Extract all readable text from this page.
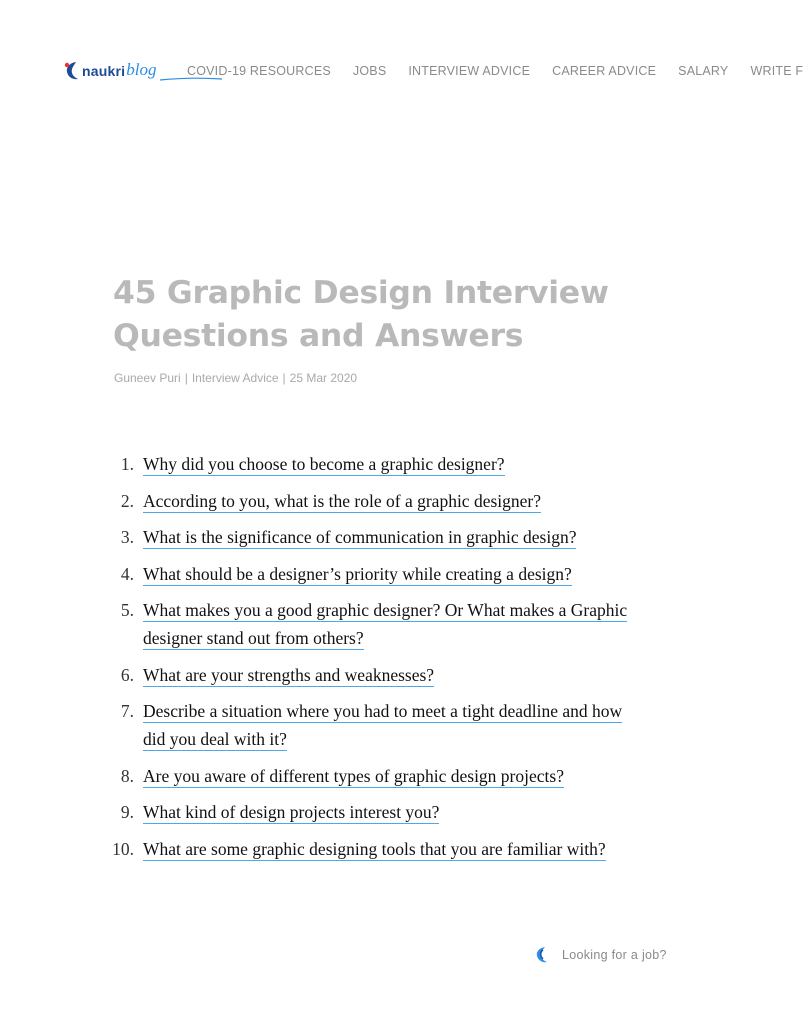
naukri blog COVID-19 RESOURCES JOBS INTERVIEW ADVICE CAREER ADVICE SALARY WRITE F
45 Graphic Design Interview Questions and Answers
Guneev Puri | Interview Advice | 25 Mar 2020
1. Why did you choose to become a graphic designer?
2. According to you, what is the role of a graphic designer?
3. What is the significance of communication in graphic design?
4. What should be a designer’s priority while creating a design?
5. What makes you a good graphic designer? Or What makes a Graphic designer stand out from others?
6. What are your strengths and weaknesses?
7. Describe a situation where you had to meet a tight deadline and how did you deal with it?
8. Are you aware of different types of graphic design projects?
9. What kind of design projects interest you?
10. What are some graphic designing tools that you are familiar with?
Looking for a job?
